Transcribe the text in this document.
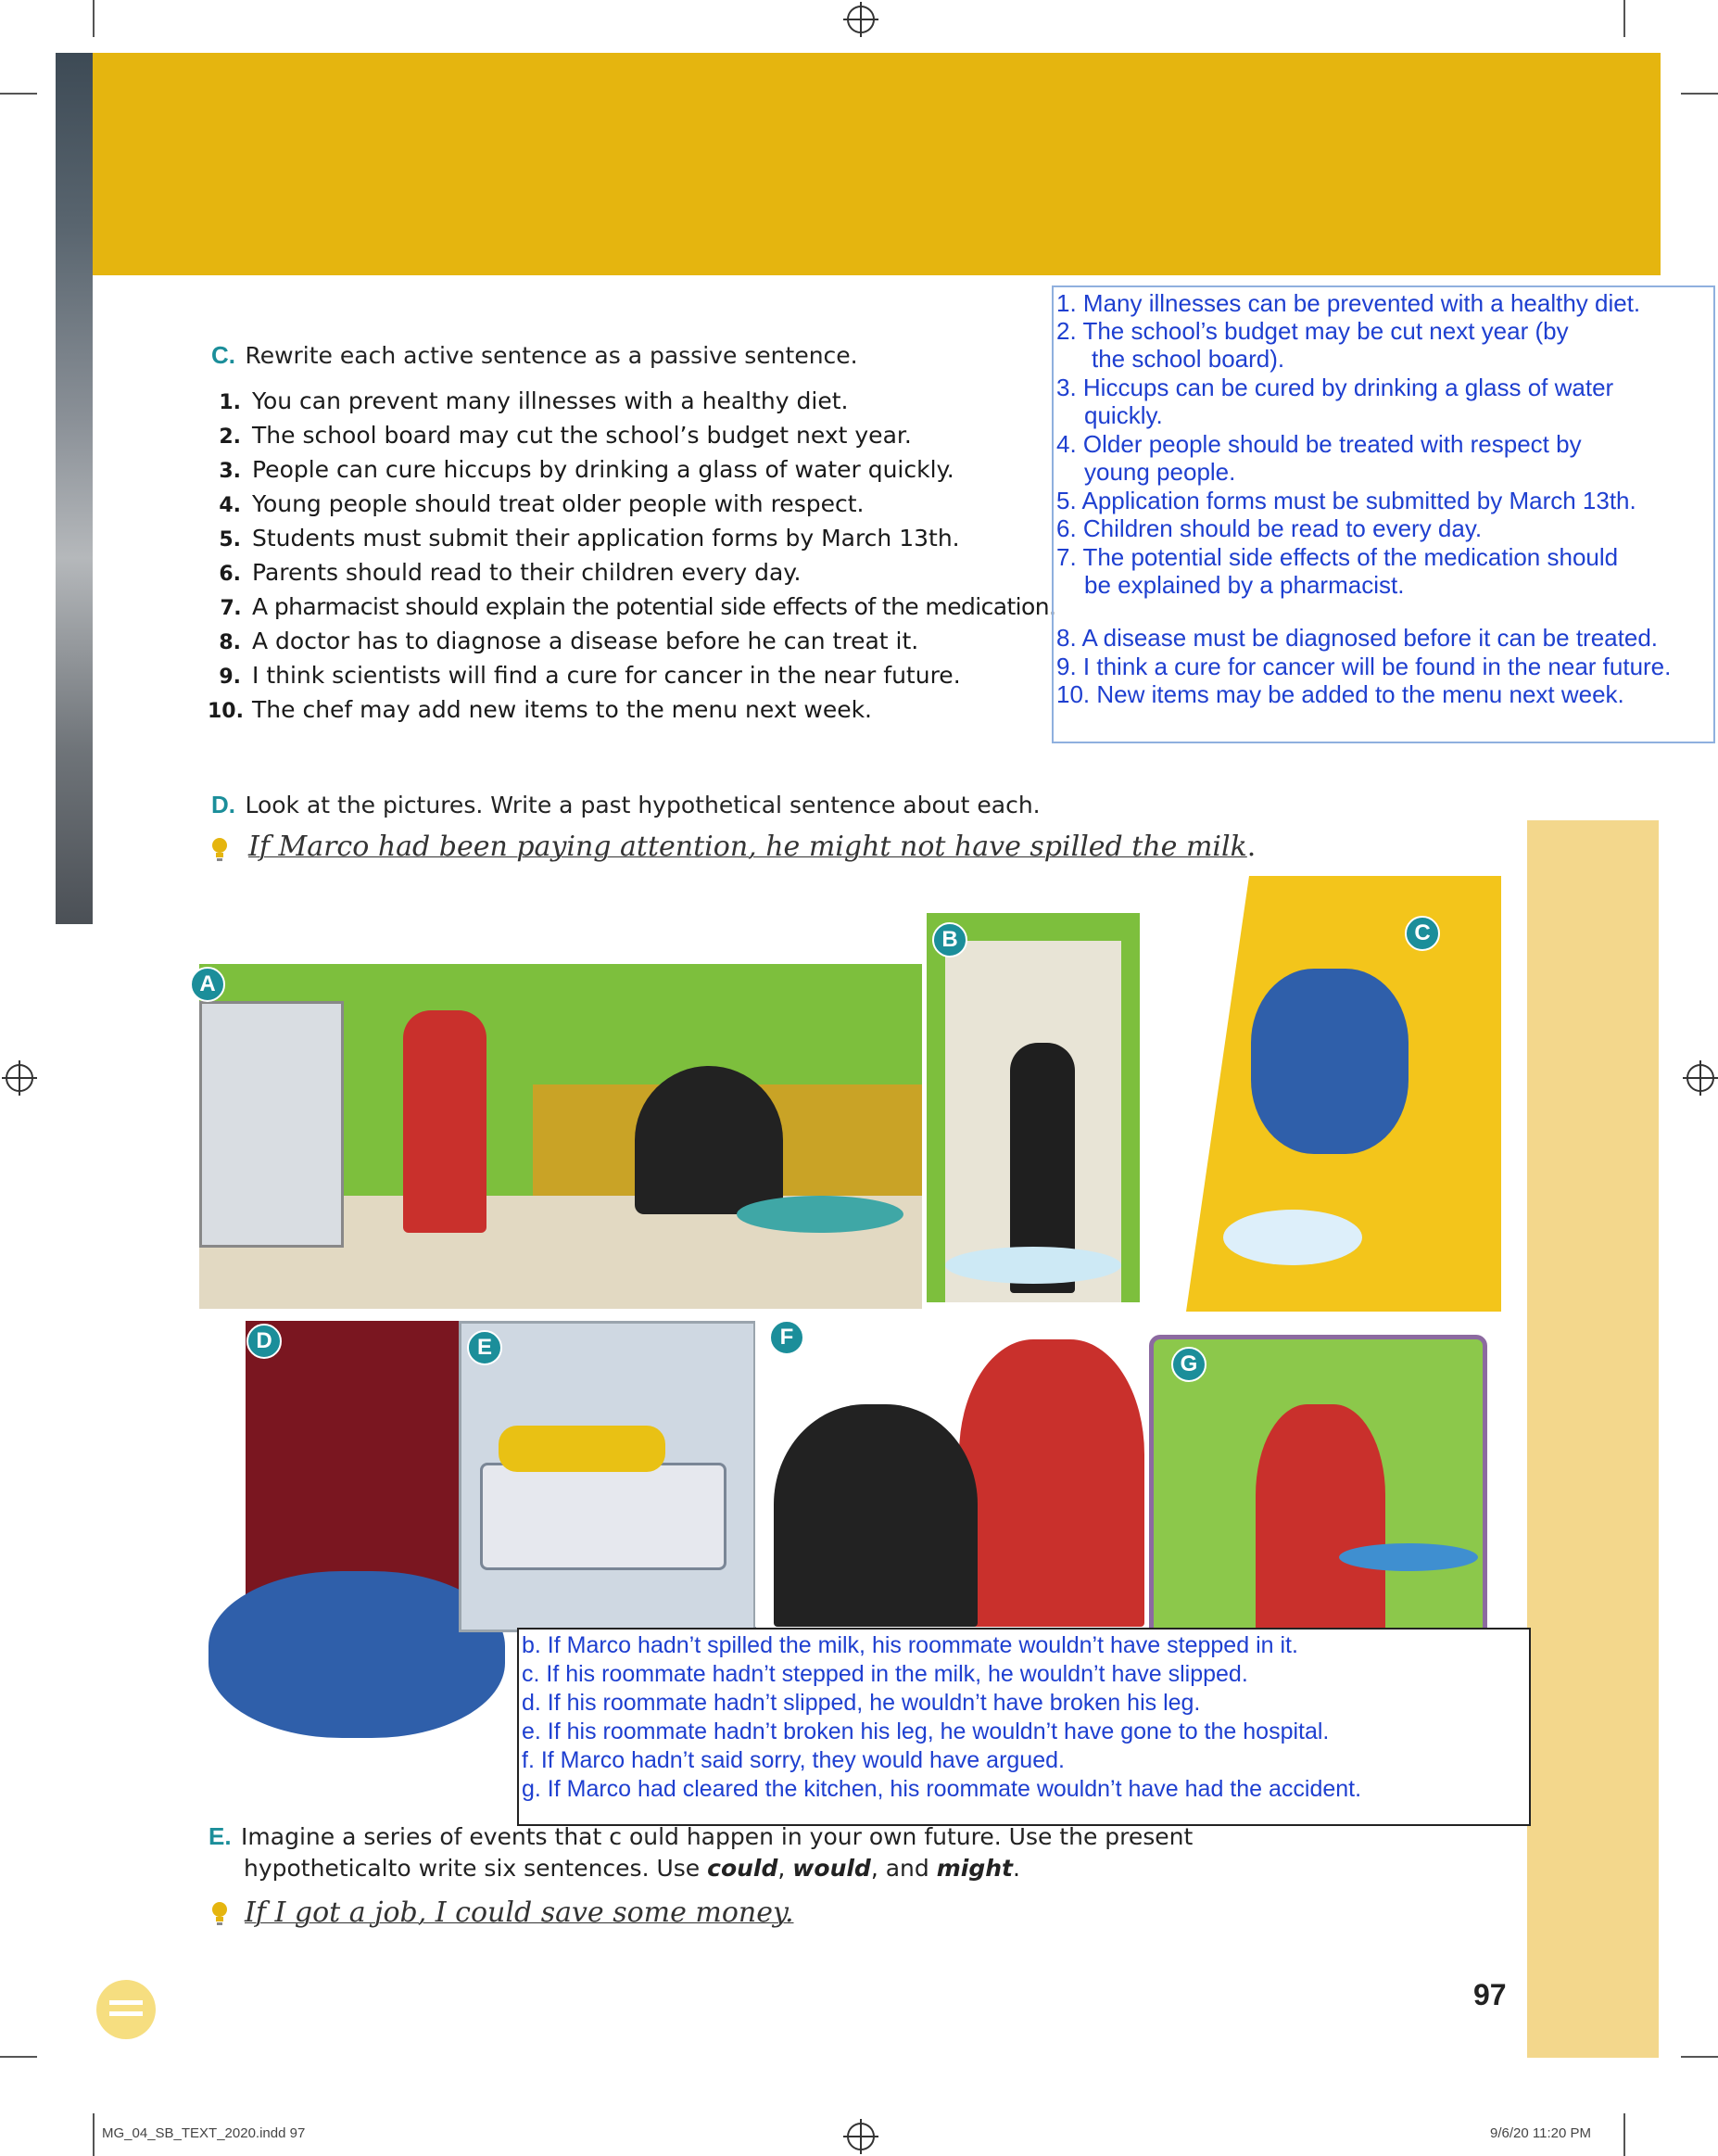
C. Rewrite each active sentence as a passive sentence.
1. You can prevent many illnesses with a healthy diet.
2. The school board may cut the school’s budget next year.
3. People can cure hiccups by drinking a glass of water quickly.
4. Young people should treat older people with respect.
5. Students must submit their application forms by March 13th.
6. Parents should read to their children every day.
7. A pharmacist should explain the potential side effects of the medication.
8. A doctor has to diagnose a disease before he can treat it.
9. I think scientists will find a cure for cancer in the near future.
10. The chef may add new items to the menu next week.
1. Many illnesses can be prevented with a healthy diet.
2. The school’s budget may be cut next year (by
the school board).
3. Hiccups can be cured by drinking a glass of water
quickly.
4. Older people should be treated with respect by
young people.
5. Application forms must be submitted by March 13th.
6. Children should be read to every day.
7. The potential side effects of the medication should
be explained by a pharmacist.
8. A disease must be diagnosed before it can be treated.
9. I think a cure for cancer will be found in the near future.
10. New items may be added to the menu next week.
D. Look at the pictures. Write a past hypothetical sentence about each.
If Marco had been paying attention, he might not have spilled the milk.
A
B	C
D	E	F
G
b. If Marco hadn’t spilled the milk, his roommate wouldn’t have stepped in it.
c. If his roommate hadn’t stepped in the milk, he wouldn’t have slipped.
d. If his roommate hadn’t slipped, he wouldn’t have broken his leg.
e. If his roommate hadn’t broken his leg, he wouldn’t have gone to the hospital.
f. If Marco hadn’t said sorry, they would have argued.
g. If Marco had cleared the kitchen, his roommate wouldn’t have had the accident.
E. Imagine a series of events that c ould happen in your own future. Use the present
hypotheticalto write six sentences. Use could, would, and might.
If I got a job, I could save some money.
97
MG_04_SB_TEXT_2020.indd 97	9/6/20 11:20 PM
